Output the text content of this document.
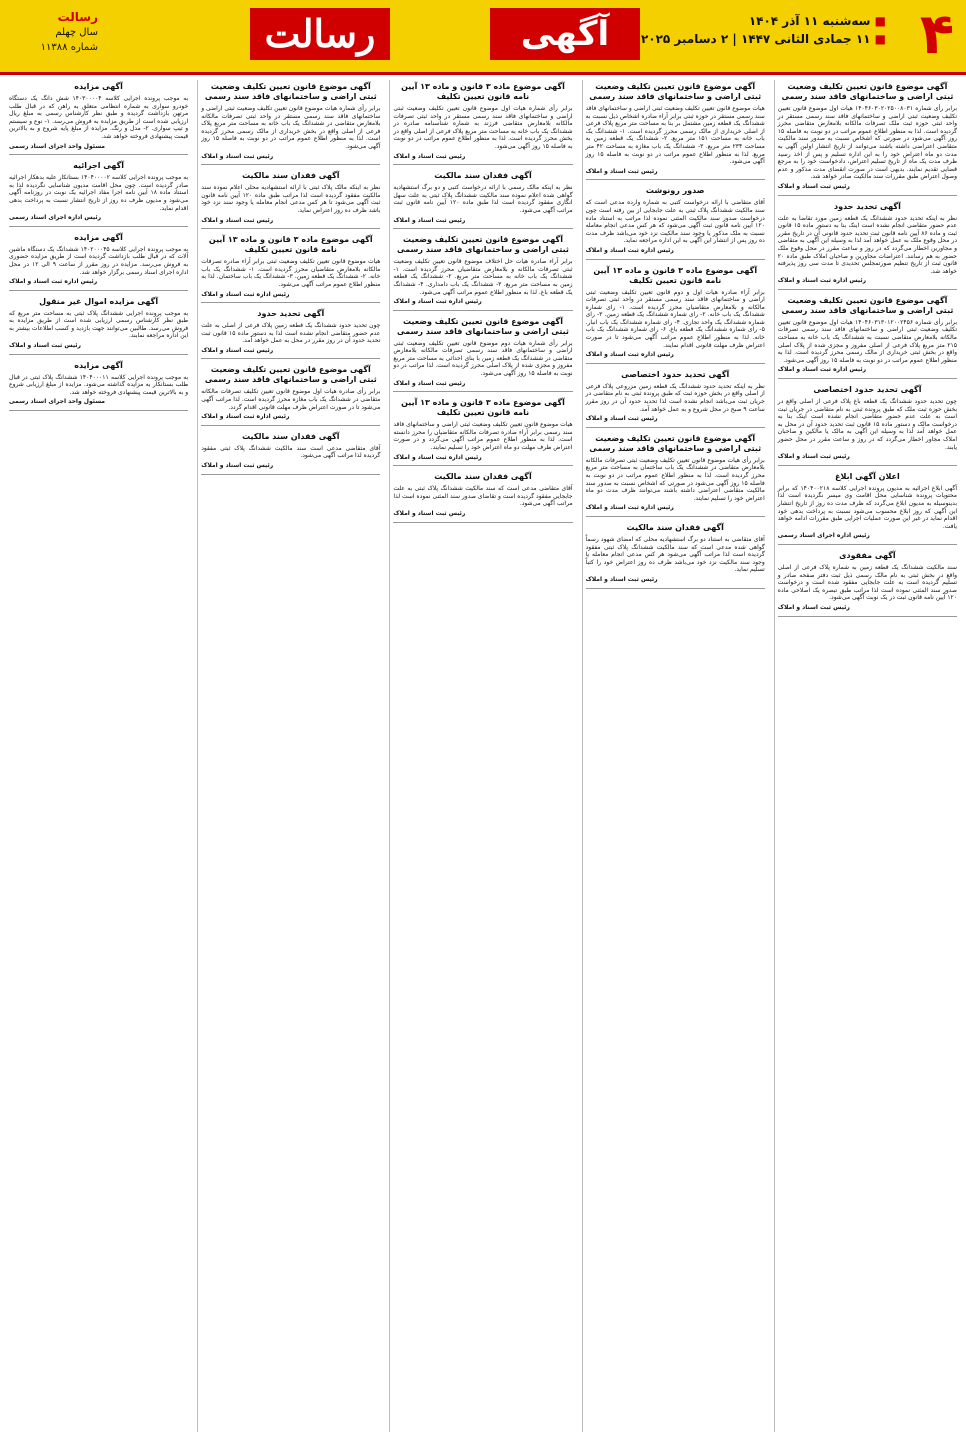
۴
■ سه‌شنبه ۱۱ آذر ۱۴۰۴
■ ۱۱ جمادی الثانی ۱۴۴۷ | ۲ دسامبر ۲۰۲۵
آگهی
رسالت
رسالت
سال چهلم
شماره ۱۱۳۸۸
آگهی موضوع قانون تعیین تکلیف وضعیت ثبتی اراضی و ساختمانهای فاقد سند رسمی
برابر رأی شماره ۱۴۰۴۶۰۳۰۲۰۲۵۰۰۸۰۳۱ هیات اول موضوع قانون تعیین تکلیف وضعیت ثبتی اراضی و ساختمانهای فاقد سند رسمی مستقر در واحد ثبتی حوزه ثبت ملک تصرفات مالکانه بلامعارض متقاضی محرز گردیده است. لذا به منظور اطلاع عموم مراتب در دو نوبت به فاصله ۱۵ روز آگهی می‌شود در صورتی که اشخاص نسبت به صدور سند مالکیت متقاضی اعتراضی داشته باشند می‌توانند از تاریخ انتشار اولین آگهی به مدت دو ماه اعتراض خود را به این اداره تسلیم و پس از اخذ رسید ظرف مدت یک ماه از تاریخ تسلیم اعتراض، دادخواست خود را به مرجع قضایی تقدیم نمایند. بدیهی است در صورت انقضای مدت مذکور و عدم وصول اعتراض طبق مقررات سند مالکیت صادر خواهد شد.
رئیس ثبت اسناد و املاک
آگهی تحدید حدود
نظر به اینکه تحدید حدود ششدانگ یک قطعه زمین مورد تقاضا به علت عدم حضور متقاضی انجام نشده است اینک بنا به دستور ماده ۱۵ قانون ثبت و ماده ۸۶ آیین نامه قانون ثبت تحدید حدود قانونی آن در تاریخ مقرر در محل وقوع ملک به عمل خواهد آمد لذا به وسیله این آگهی به متقاضی و مجاورین اخطار می‌گردد که در روز و ساعت مقرر در محل وقوع ملک حضور به هم رسانند. اعتراضات مجاورین و صاحبان املاک طبق ماده ۲۰ قانون ثبت از تاریخ تنظیم صورتمجلس تحدیدی تا مدت سی روز پذیرفته خواهد شد.
رئیس اداره ثبت اسناد و املاک
آگهی موضوع قانون تعیین تکلیف وضعیت ثبتی اراضی و ساختمانهای فاقد سند رسمی
برابر رأی شماره ۱۴۰۴۶۰۳۱۳۰۱۲۰۰۲۴۵۶ هیات اول موضوع قانون تعیین تکلیف وضعیت ثبتی اراضی و ساختمانهای فاقد سند رسمی تصرفات مالکانه بلامعارض متقاضی نسبت به ششدانگ یک باب خانه به مساحت ۲۱۵ متر مربع پلاک فرعی از اصلی مفروز و مجزی شده از پلاک اصلی واقع در بخش ثبتی خریداری از مالک رسمی محرز گردیده است. لذا به منظور اطلاع عموم مراتب در دو نوبت به فاصله ۱۵ روز آگهی می‌شود.
رئیس اداره ثبت اسناد و املاک
آگهی تحدید حدود اختصاصی
چون تحدید حدود ششدانگ یک قطعه باغ پلاک فرعی از اصلی واقع در بخش حوزه ثبت ملک که طبق پرونده ثبتی به نام متقاضی در جریان ثبت است به علت عدم حضور متقاضی انجام نشده است اینک بنا به درخواست مالک و دستور ماده ۱۵ قانون ثبت تحدید حدود آن در محل به عمل خواهد آمد لذا به وسیله این آگهی به مالک یا مالکین و صاحبان املاک مجاور اخطار می‌گردد که در روز و ساعت مقرر در محل حضور یابند.
رئیس ثبت اسناد و املاک
اعلان آگهی ابلاغ
آگهی ابلاغ اجرائیه به مدیون پرونده اجرایی کلاسه ۱۴۰۴۰۰۲۱۸ که برابر محتویات پرونده شناسایی محل اقامت وی میسر نگردیده است لذا بدینوسیله به مدیون ابلاغ می‌گردد که ظرف مدت ده روز از تاریخ انتشار این آگهی که روز ابلاغ محسوب می‌شود نسبت به پرداخت بدهی خود اقدام نماید در غیر این صورت عملیات اجرایی طبق مقررات ادامه خواهد یافت.
رئیس اداره اجرای اسناد رسمی
آگهی مفقودی
سند مالکیت ششدانگ یک قطعه زمین به شماره پلاک فرعی از اصلی واقع در بخش ثبتی به نام مالک رسمی ذیل ثبت دفتر صفحه صادر و تسلیم گردیده است به علت جابجایی مفقود شده است و درخواست صدور سند المثنی نموده است لذا مراتب طبق تبصره یک اصلاحی ماده ۱۲۰ آیین نامه قانون ثبت در یک نوبت آگهی می‌شود.
رئیس ثبت اسناد و املاک
آگهی موضوع قانون تعیین تکلیف وضعیت ثبتی اراضی و ساختمانهای فاقد سند رسمی
هیات موضوع قانون تعیین تکلیف وضعیت ثبتی اراضی و ساختمانهای فاقد سند رسمی مستقر در حوزه ثبتی برابر آراء صادره اشخاص ذیل نسبت به ششدانگ یک قطعه زمین مشتمل بر بنا به مساحت متر مربع پلاک فرعی از اصلی خریداری از مالک رسمی محرز گردیده است. ۱- ششدانگ یک باب خانه به مساحت ۱۵۱ متر مربع. ۲- ششدانگ یک قطعه زمین به مساحت ۲۳۴ متر مربع. ۳- ششدانگ یک باب مغازه به مساحت ۴۲ متر مربع. لذا به منظور اطلاع عموم مراتب در دو نوبت به فاصله ۱۵ روز آگهی می‌شود.
رئیس ثبت اسناد و املاک
صدور رونوشت
آقای متقاضی با ارائه درخواست کتبی به شماره وارده مدعی است که سند مالکیت ششدانگ پلاک ثبتی به علت جابجایی از بین رفته است چون درخواست صدور سند مالکیت المثنی نموده لذا مراتب به استناد ماده ۱۲۰ آیین نامه قانون ثبت آگهی می‌شود که هر کس مدعی انجام معامله نسبت به ملک مذکور یا وجود سند مالکیت نزد خود می‌باشد ظرف مدت ده روز پس از انتشار این آگهی به این اداره مراجعه نماید.
رئیس اداره ثبت اسناد و املاک
آگهی موضوع ماده ۳ قانون و ماده ۱۳ آیین نامه قانون تعیین تکلیف
برابر آراء صادره هیات اول و دوم قانون تعیین تکلیف وضعیت ثبتی اراضی و ساختمانهای فاقد سند رسمی مستقر در واحد ثبتی تصرفات مالکانه و بلامعارض متقاضیان محرز گردیده است. ۱- رای شماره ششدانگ یک باب خانه. ۲- رای شماره ششدانگ یک قطعه زمین. ۳- رای شماره ششدانگ یک واحد تجاری. ۴- رای شماره ششدانگ یک باب انبار. ۵- رای شماره ششدانگ یک قطعه باغ. ۶- رای شماره ششدانگ یک باب خانه. لذا به منظور اطلاع عموم مراتب آگهی می‌شود تا در صورت اعتراض ظرف مهلت قانونی اقدام نمایند.
رئیس اداره ثبت اسناد و املاک
آگهی تحدید حدود اختصاصی
نظر به اینکه تحدید حدود ششدانگ یک قطعه زمین مزروعی پلاک فرعی از اصلی واقع در بخش حوزه ثبت که طبق پرونده ثبتی به نام متقاضی در جریان ثبت می‌باشد انجام نشده است لذا تحدید حدود آن در روز مقرر ساعت ۹ صبح در محل شروع و به عمل خواهد آمد.
رئیس ثبت اسناد و املاک
آگهی موضوع قانون تعیین تکلیف وضعیت ثبتی اراضی و ساختمانهای فاقد سند رسمی
برابر رأی هیات موضوع قانون تعیین تکلیف وضعیت ثبتی تصرفات مالکانه بلامعارض متقاضی در ششدانگ یک باب ساختمان به مساحت متر مربع محرز گردیده است. لذا به منظور اطلاع عموم مراتب در دو نوبت به فاصله ۱۵ روز آگهی می‌شود در صورتی که اشخاص نسبت به صدور سند مالکیت متقاضی اعتراضی داشته باشند می‌توانند ظرف مدت دو ماه اعتراض خود را تسلیم نمایند.
رئیس اداره ثبت اسناد و املاک
آگهی فقدان سند مالکیت
آقای متقاضی به استناد دو برگ استشهادیه محلی که امضای شهود رسماً گواهی شده مدعی است که سند مالکیت ششدانگ پلاک ثبتی مفقود گردیده است لذا مراتب آگهی می‌شود هر کس مدعی انجام معامله یا وجود سند مالکیت نزد خود می‌باشد ظرف ده روز اعتراض خود را کتباً تسلیم نماید.
رئیس ثبت اسناد و املاک
آگهی موضوع ماده ۳ قانون و ماده ۱۳ آیین نامه قانون تعیین تکلیف
برابر رأی شماره هیات اول موضوع قانون تعیین تکلیف وضعیت ثبتی اراضی و ساختمانهای فاقد سند رسمی مستقر در واحد ثبتی تصرفات مالکانه بلامعارض متقاضی فرزند به شماره شناسنامه صادره در ششدانگ یک باب خانه به مساحت متر مربع پلاک فرعی از اصلی واقع در بخش محرز گردیده است. لذا به منظور اطلاع عموم مراتب در دو نوبت به فاصله ۱۵ روز آگهی می‌شود.
رئیس ثبت اسناد و املاک
آگهی فقدان سند مالکیت
نظر به اینکه مالک رسمی با ارائه درخواست کتبی و دو برگ استشهادیه گواهی شده اعلام نموده سند مالکیت ششدانگ پلاک ثبتی به علت سهل انگاری مفقود گردیده است لذا طبق ماده ۱۲۰ آیین نامه قانون ثبت مراتب آگهی می‌شود.
رئیس ثبت اسناد و املاک
آگهی موضوع قانون تعیین تکلیف وضعیت ثبتی اراضی و ساختمانهای فاقد سند رسمی
برابر آراء صادره هیات حل اختلاف موضوع قانون تعیین تکلیف وضعیت ثبتی تصرفات مالکانه و بلامعارض متقاضیان محرز گردیده است. ۱- ششدانگ یک باب خانه به مساحت متر مربع. ۲- ششدانگ یک قطعه زمین به مساحت متر مربع. ۳- ششدانگ یک باب دامداری. ۴- ششدانگ یک قطعه باغ. لذا به منظور اطلاع عموم مراتب آگهی می‌شود.
رئیس اداره ثبت اسناد و املاک
آگهی موضوع قانون تعیین تکلیف وضعیت ثبتی اراضی و ساختمانهای فاقد سند رسمی
برابر رأی شماره هیات دوم موضوع قانون تعیین تکلیف وضعیت ثبتی اراضی و ساختمانهای فاقد سند رسمی تصرفات مالکانه بلامعارض متقاضی در ششدانگ یک قطعه زمین با بنای احداثی به مساحت متر مربع مفروز و مجزی شده از پلاک اصلی محرز گردیده است. لذا مراتب در دو نوبت به فاصله ۱۵ روز آگهی می‌شود.
رئیس ثبت اسناد و املاک
آگهی موضوع ماده ۳ قانون و ماده ۱۳ آیین نامه قانون تعیین تکلیف
هیات موضوع قانون تعیین تکلیف وضعیت ثبتی اراضی و ساختمانهای فاقد سند رسمی برابر آراء صادره تصرفات مالکانه متقاضیان را محرز دانسته است. لذا به منظور اطلاع عموم مراتب آگهی می‌گردد و در صورت اعتراض ظرف مهلت دو ماه اعتراض خود را تسلیم نمایند.
رئیس اداره ثبت اسناد و املاک
آگهی فقدان سند مالکیت
آقای متقاضی مدعی است که سند مالکیت ششدانگ پلاک ثبتی به علت جابجایی مفقود گردیده است و تقاضای صدور سند المثنی نموده است لذا مراتب آگهی می‌شود.
رئیس ثبت اسناد و املاک
آگهی موضوع قانون تعیین تکلیف وضعیت ثبتی اراضی و ساختمانهای فاقد سند رسمی
برابر رأی شماره هیات موضوع قانون تعیین تکلیف وضعیت ثبتی اراضی و ساختمانهای فاقد سند رسمی مستقر در واحد ثبتی تصرفات مالکانه بلامعارض متقاضی در ششدانگ یک باب خانه به مساحت متر مربع پلاک فرعی از اصلی واقع در بخش خریداری از مالک رسمی محرز گردیده است. لذا به منظور اطلاع عموم مراتب در دو نوبت به فاصله ۱۵ روز آگهی می‌شود.
رئیس ثبت اسناد و املاک
آگهی فقدان سند مالکیت
نظر به اینکه مالک پلاک ثبتی با ارائه استشهادیه محلی اعلام نموده سند مالکیت مفقود گردیده است لذا مراتب طبق ماده ۱۲۰ آیین نامه قانون ثبت آگهی می‌شود تا هر کس مدعی انجام معامله یا وجود سند نزد خود باشد ظرف ده روز اعتراض نماید.
رئیس ثبت اسناد و املاک
آگهی موضوع ماده ۳ قانون و ماده ۱۳ آیین نامه قانون تعیین تکلیف
هیات موضوع قانون تعیین تکلیف وضعیت ثبتی برابر آراء صادره تصرفات مالکانه بلامعارض متقاضیان محرز گردیده است. ۱- ششدانگ یک باب خانه. ۲- ششدانگ یک قطعه زمین. ۳- ششدانگ یک باب ساختمان. لذا به منظور اطلاع عموم مراتب آگهی می‌شود.
رئیس اداره ثبت اسناد و املاک
آگهی تحدید حدود
چون تحدید حدود ششدانگ یک قطعه زمین پلاک فرعی از اصلی به علت عدم حضور متقاضی انجام نشده است لذا به دستور ماده ۱۵ قانون ثبت تحدید حدود آن در روز مقرر در محل به عمل خواهد آمد.
رئیس ثبت اسناد و املاک
آگهی موضوع قانون تعیین تکلیف وضعیت ثبتی اراضی و ساختمانهای فاقد سند رسمی
برابر رأی صادره هیات اول موضوع قانون تعیین تکلیف تصرفات مالکانه متقاضی در ششدانگ یک باب مغازه محرز گردیده است. لذا مراتب آگهی می‌شود تا در صورت اعتراض ظرف مهلت قانونی اقدام گردد.
رئیس اداره ثبت اسناد و املاک
آگهی فقدان سند مالکیت
آقای متقاضی مدعی است سند مالکیت ششدانگ پلاک ثبتی مفقود گردیده لذا مراتب آگهی می‌شود.
رئیس ثبت اسناد و املاک
آگهی مزایده
به موجب پرونده اجرایی کلاسه ۱۴۰۳۰۰۰۰۴ شش دانگ یک دستگاه خودرو سواری به شماره انتظامی متعلق به راهن که در قبال طلب مرتهن بازداشت گردیده و طبق نظر کارشناس رسمی به مبلغ ریال ارزیابی شده است از طریق مزایده به فروش می‌رسد. ۱- نوع و سیستم و تیپ سواری. ۲- مدل و رنگ. مزایده از مبلغ پایه شروع و به بالاترین قیمت پیشنهادی فروخته خواهد شد.
مسئول واحد اجرای اسناد رسمی
آگهی اجرائیه
به موجب پرونده اجرایی کلاسه ۱۴۰۴۰۰۰۰۲ بستانکار علیه بدهکار اجرائیه صادر گردیده است. چون محل اقامت مدیون شناسایی نگردیده لذا به استناد ماده ۱۸ آیین نامه اجرا مفاد اجرائیه یک نوبت در روزنامه آگهی می‌شود و مدیون ظرف ده روز از تاریخ انتشار نسبت به پرداخت بدهی اقدام نماید.
رئیس اداره اجرای اسناد رسمی
آگهی مزایده
به موجب پرونده اجرایی کلاسه ۱۴۰۲۰۰۰۴۵ ششدانگ یک دستگاه ماشین آلات که در قبال طلب بازداشت گردیده است از طریق مزایده حضوری به فروش می‌رسد. مزایده در روز مقرر از ساعت ۹ الی ۱۲ در محل اداره اجرای اسناد رسمی برگزار خواهد شد.
رئیس اداره ثبت اسناد و املاک
آگهی مزایده اموال غیر منقول
به موجب پرونده اجرایی ششدانگ پلاک ثبتی به مساحت متر مربع که طبق نظر کارشناس رسمی ارزیابی شده است از طریق مزایده به فروش می‌رسد. طالبین می‌توانند جهت بازدید و کسب اطلاعات بیشتر به این اداره مراجعه نمایند.
رئیس ثبت اسناد و املاک
آگهی مزایده
به موجب پرونده اجرایی کلاسه ۱۴۰۴۰۰۰۱۱ ششدانگ پلاک ثبتی در قبال طلب بستانکار به مزایده گذاشته می‌شود. مزایده از مبلغ ارزیابی شروع و به بالاترین قیمت پیشنهادی فروخته خواهد شد.
مسئول واحد اجرای اسناد رسمی
